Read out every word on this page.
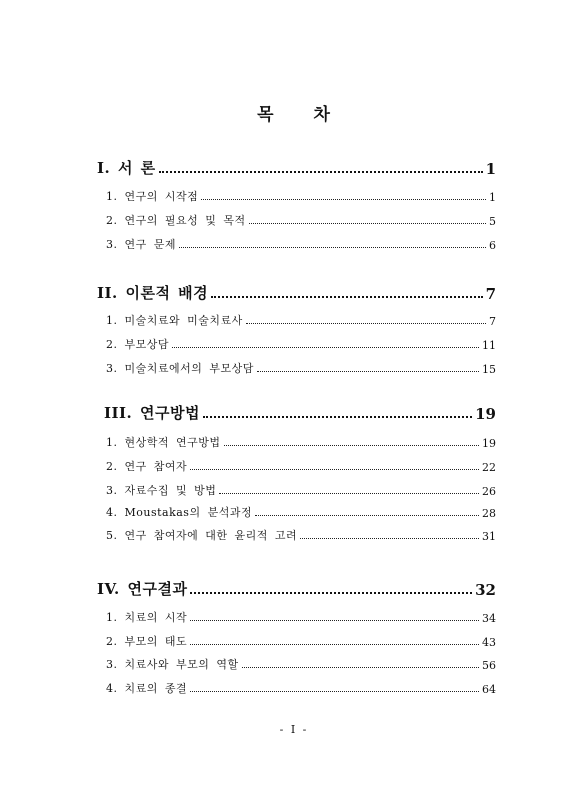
목 차
I. 서 론	1
1. 연구의 시작점	1
2. 연구의 필요성 및 목적	5
3. 연구 문제	6
II. 이론적 배경	7
1. 미술치료와 미술치료사	7
2. 부모상담	11
3. 미술치료에서의 부모상담	15
III. 연구방법	19
1. 현상학적 연구방법	19
2. 연구 참여자	22
3. 자료수집 및 방법	26
4. Moustakas의 분석과정	28
5. 연구 참여자에 대한 윤리적 고려	31
IV. 연구결과	32
1. 치료의 시작	34
2. 부모의 태도	43
3. 치료사와 부모의 역할	56
4. 치료의 종결	64
- I -
